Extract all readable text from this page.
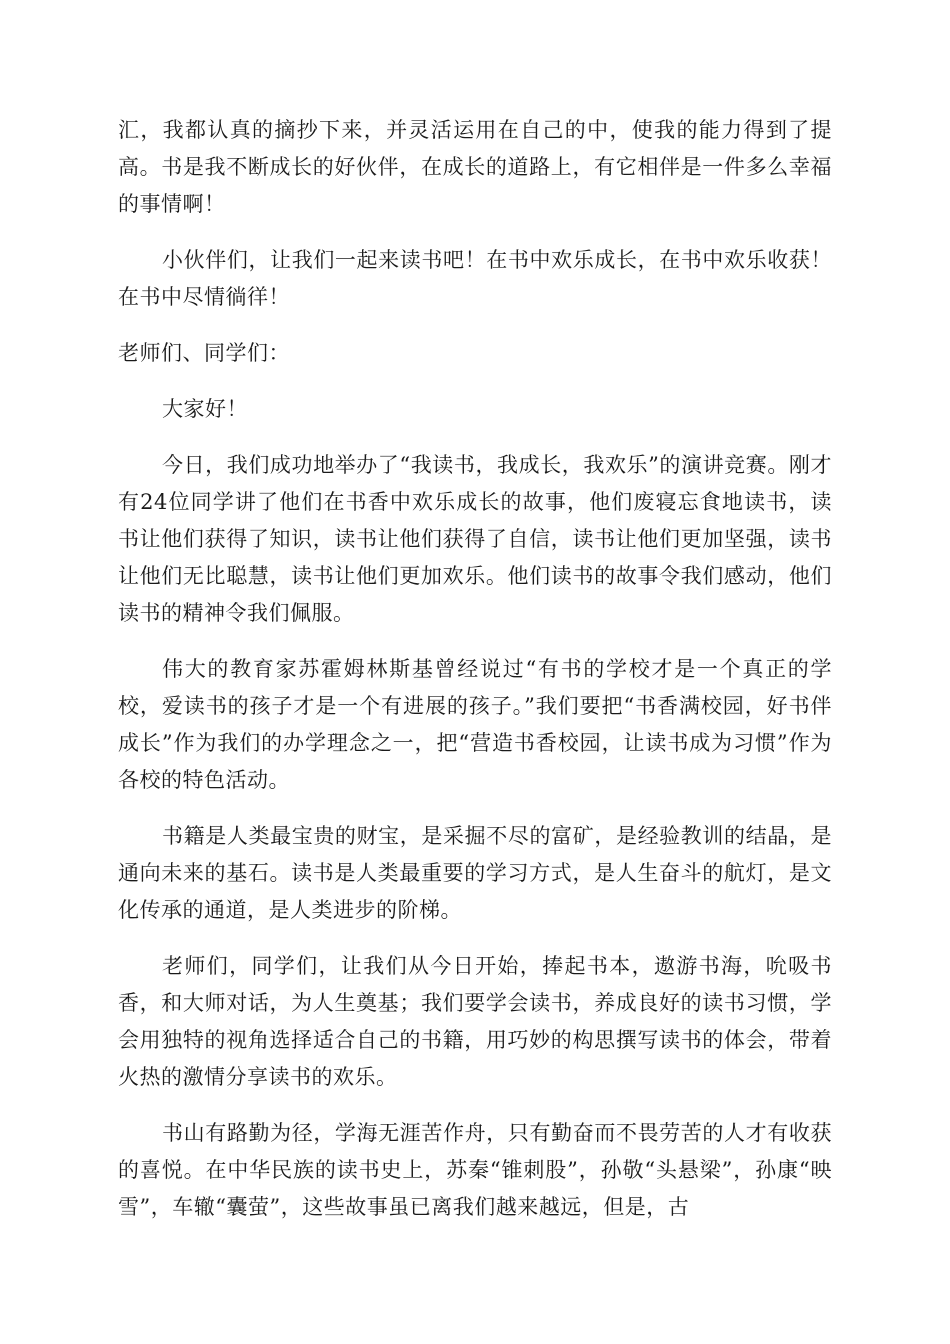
汇，我都认真的摘抄下来，并灵活运用在自己的中，使我的能力得到了提高。书是我不断成长的好伙伴，在成长的道路上，有它相伴是一件多么幸福的事情啊！

小伙伴们，让我们一起来读书吧！在书中欢乐成长，在书中欢乐收获！在书中尽情徜徉！

老师们、同学们：

大家好！

今日，我们成功地举办了“我读书，我成长，我欢乐”的演讲竞赛。刚才有24位同学讲了他们在书香中欢乐成长的故事，他们废寝忘食地读书，读书让他们获得了知识，读书让他们获得了自信，读书让他们更加坚强，读书让他们无比聪慧，读书让他们更加欢乐。他们读书的故事令我们感动，他们读书的精神令我们佩服。

伟大的教育家苏霍姆林斯基曾经说过“有书的学校才是一个真正的学校，爱读书的孩子才是一个有进展的孩子。”我们要把“书香满校园，好书伴成长”作为我们的办学理念之一，把“营造书香校园，让读书成为习惯”作为各校的特色活动。

书籍是人类最宝贵的财宝，是采掘不尽的富矿，是经验教训的结晶，是通向未来的基石。读书是人类最重要的学习方式，是人生奋斗的航灯，是文化传承的通道，是人类进步的阶梯。

老师们，同学们，让我们从今日开始，捧起书本，遨游书海，吮吸书香，和大师对话，为人生奠基；我们要学会读书，养成良好的读书习惯，学会用独特的视角选择适合自己的书籍，用巧妙的构思撰写读书的体会，带着火热的激情分享读书的欢乐。

书山有路勤为径，学海无涯苦作舟，只有勤奋而不畏劳苦的人才有收获的喜悦。在中华民族的读书史上，苏秦“锥刺股”，孙敬“头悬梁”，孙康“映雪”，车辙“囊萤”，这些故事虽已离我们越来越远，但是，古
